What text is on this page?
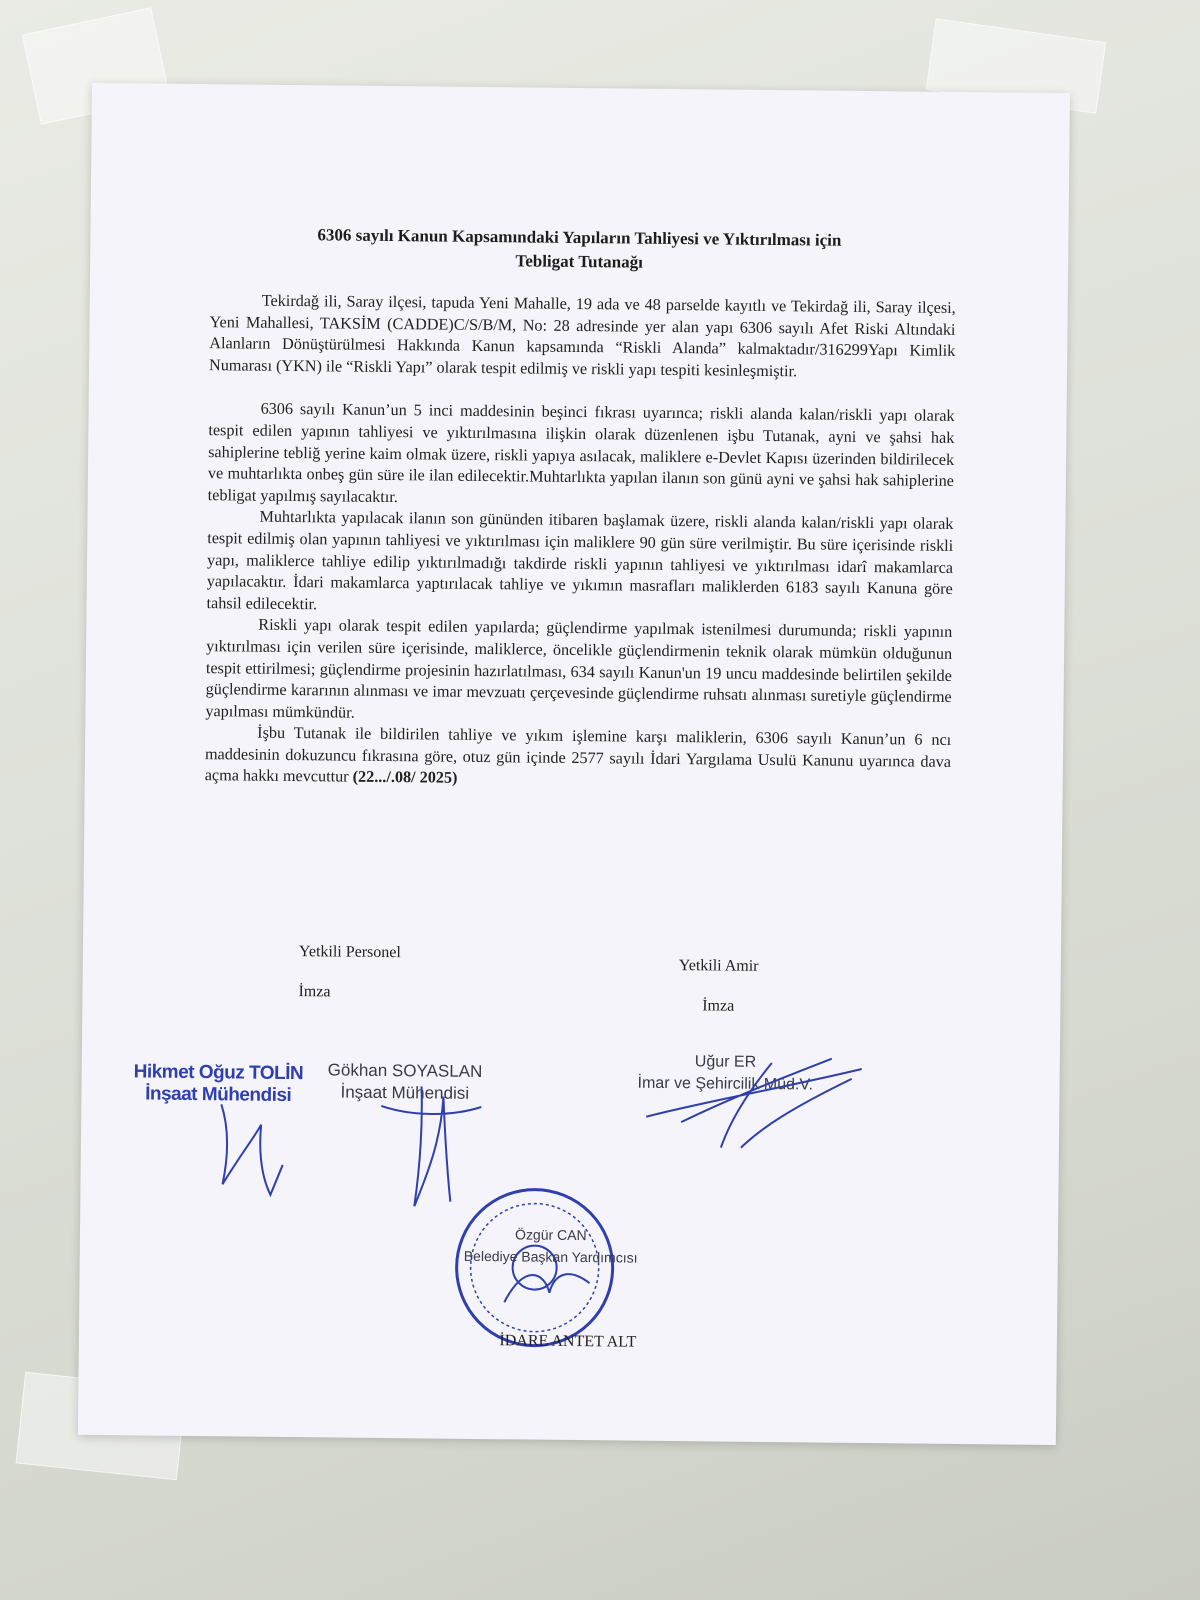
6306 sayılı Kanun Kapsamındaki Yapıların Tahliyesi ve Yıktırılması için
Tebligat Tutanağı

Tekirdağ ili, Saray ilçesi, tapuda Yeni Mahalle, 19 ada ve 48 parselde kayıtlı ve Tekirdağ ili, Saray ilçesi, Yeni Mahallesi, TAKSİM (CADDE)C/S/B/M, No: 28 adresinde yer alan yapı 6306 sayılı Afet Riski Altındaki Alanların Dönüştürülmesi Hakkında Kanun kapsamında “Riskli Alanda” kalmaktadır/316299Yapı Kimlik Numarası (YKN) ile “Riskli Yapı” olarak tespit edilmiş ve riskli yapı tespiti kesinleşmiştir.

6306 sayılı Kanun’un 5 inci maddesinin beşinci fıkrası uyarınca; riskli alanda kalan/riskli yapı olarak tespit edilen yapının tahliyesi ve yıktırılmasına ilişkin olarak düzenlenen işbu Tutanak, ayni ve şahsi hak sahiplerine tebliğ yerine kaim olmak üzere, riskli yapıya asılacak, maliklere e-Devlet Kapısı üzerinden bildirilecek ve muhtarlıkta onbeş gün süre ile ilan edilecektir.Muhtarlıkta yapılan ilanın son günü ayni ve şahsi hak sahiplerine tebligat yapılmış sayılacaktır.

Muhtarlıkta yapılacak ilanın son gününden itibaren başlamak üzere, riskli alanda kalan/riskli yapı olarak tespit edilmiş olan yapının tahliyesi ve yıktırılması için maliklere 90 gün süre verilmiştir. Bu süre içerisinde riskli yapı, maliklerce tahliye edilip yıktırılmadığı takdirde riskli yapının tahliyesi ve yıktırılması idarî makamlarca yapılacaktır. İdari makamlarca yaptırılacak tahliye ve yıkımın masrafları maliklerden 6183 sayılı Kanuna göre tahsil edilecektir.

Riskli yapı olarak tespit edilen yapılarda; güçlendirme yapılmak istenilmesi durumunda; riskli yapının yıktırılması için verilen süre içerisinde, maliklerce, öncelikle güçlendirmenin teknik olarak mümkün olduğunun tespit ettirilmesi; güçlendirme projesinin hazırlatılması, 634 sayılı Kanun'un 19 uncu maddesinde belirtilen şekilde güçlendirme kararının alınması ve imar mevzuatı çerçevesinde güçlendirme ruhsatı alınması suretiyle güçlendirme yapılması mümkündür.

İşbu Tutanak ile bildirilen tahliye ve yıkım işlemine karşı maliklerin, 6306 sayılı Kanun’un 6 ncı maddesinin dokuzuncu fıkrasına göre, otuz gün içinde 2577 sayılı İdari Yargılama Usulü Kanunu uyarınca dava açma hakkı mevcuttur (22.../.08/ 2025)

Yetkili Personel
İmza
Yetkili Amir
İmza
Hikmet Oğuz TOLİN
İnşaat Mühendisi
Gökhan SOYASLAN
İnşaat Mühendisi
Uğur ER
İmar ve Şehircilik Müd.V.
Özgür CAN
Belediye Başkan Yardımcısı
İDARE ANTET ALT
